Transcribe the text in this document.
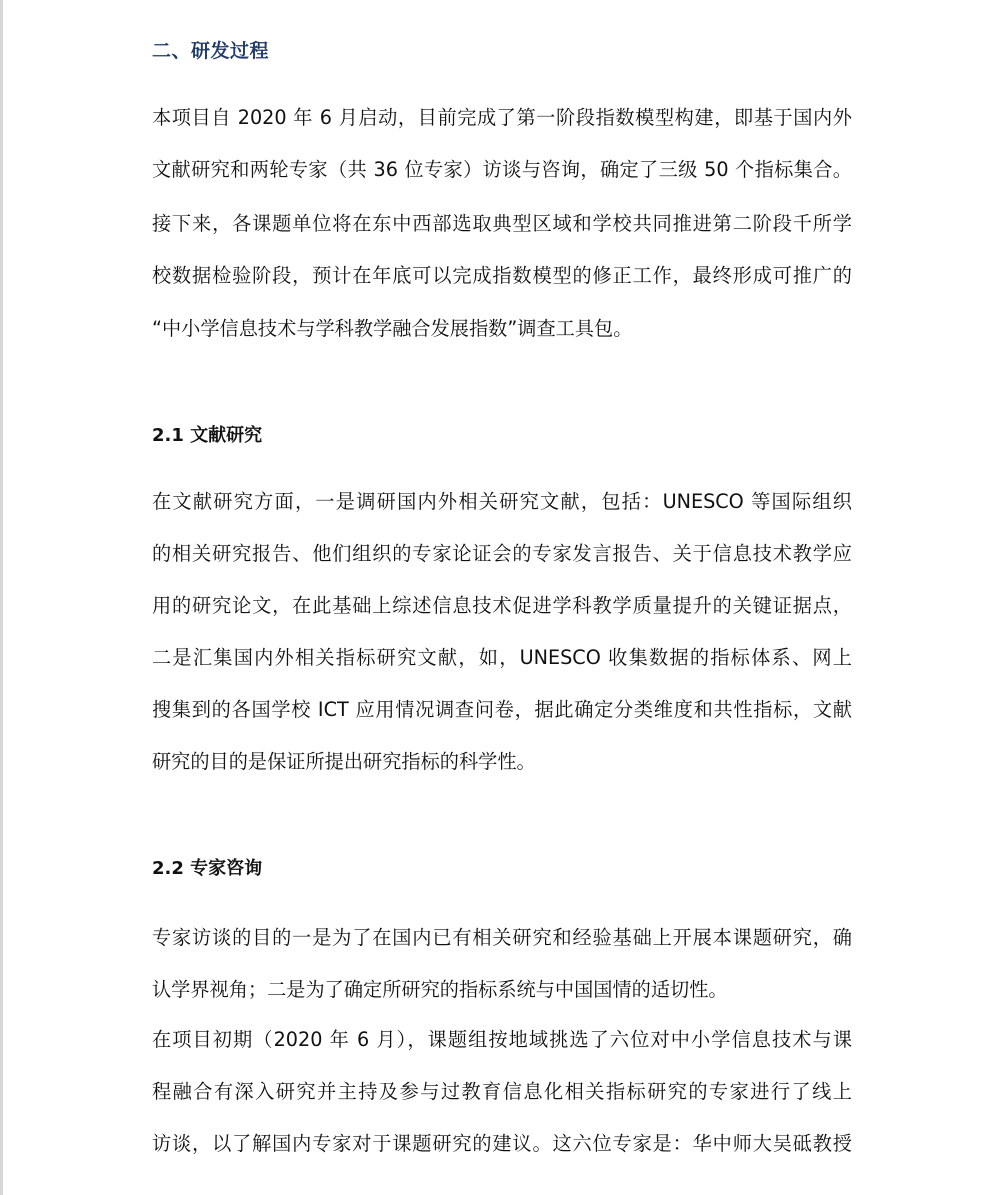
二、研发过程
本项目自 2020 年 6 月启动，目前完成了第一阶段指数模型构建，即基于国内外
文献研究和两轮专家（共 36 位专家）访谈与咨询，确定了三级 50 个指标集合。
接下来，各课题单位将在东中西部选取典型区域和学校共同推进第二阶段千所学
校数据检验阶段，预计在年底可以完成指数模型的修正工作，最终形成可推广的
“中小学信息技术与学科教学融合发展指数”调查工具包。
2.1 文献研究
在文献研究方面，一是调研国内外相关研究文献，包括：UNESCO 等国际组织
的相关研究报告、他们组织的专家论证会的专家发言报告、关于信息技术教学应
用的研究论文，在此基础上综述信息技术促进学科教学质量提升的关键证据点，
二是汇集国内外相关指标研究文献，如，UNESCO 收集数据的指标体系、网上
搜集到的各国学校 ICT 应用情况调查问卷，据此确定分类维度和共性指标，文献
研究的目的是保证所提出研究指标的科学性。
2.2 专家咨询
专家访谈的目的一是为了在国内已有相关研究和经验基础上开展本课题研究，确
认学界视角；二是为了确定所研究的指标系统与中国国情的适切性。
在项目初期（2020 年 6 月），课题组按地域挑选了六位对中小学信息技术与课
程融合有深入研究并主持及参与过教育信息化相关指标研究的专家进行了线上
访谈，以了解国内专家对于课题研究的建议。这六位专家是：华中师大吴砥教授
